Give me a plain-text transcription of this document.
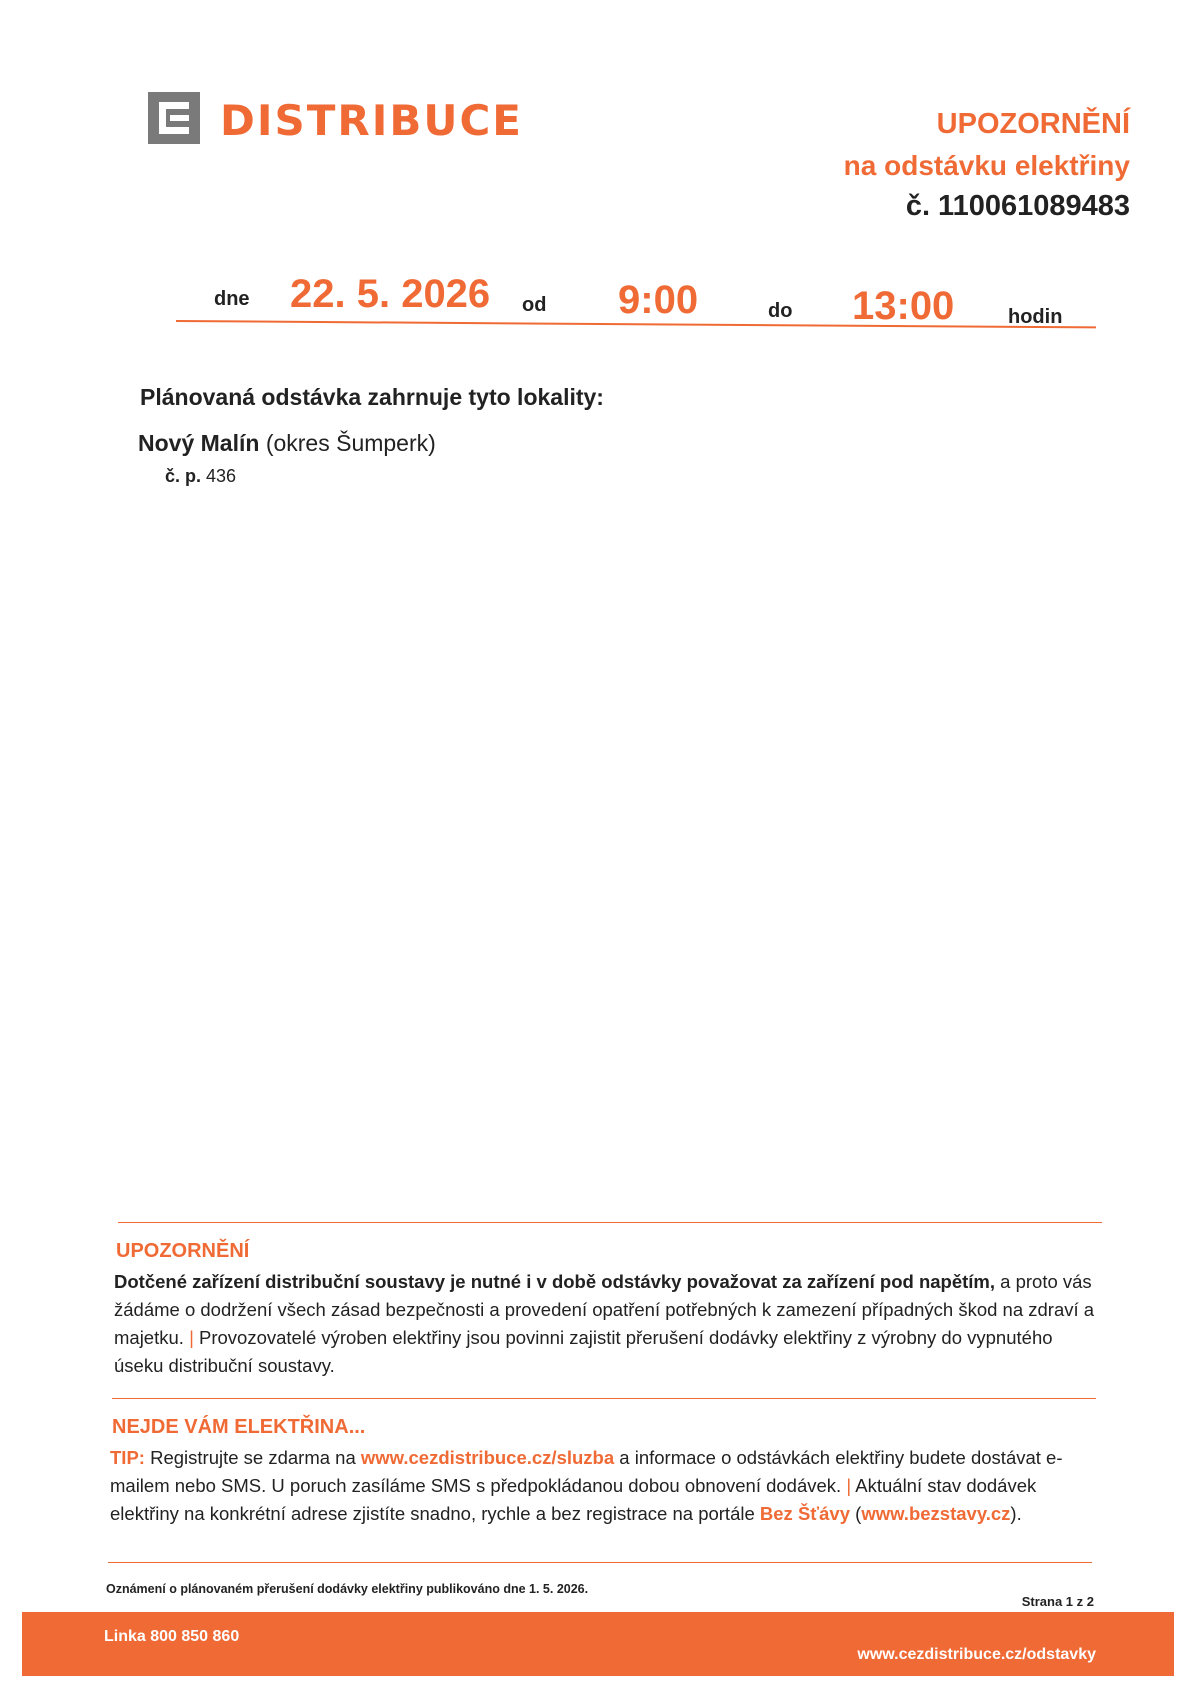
DISTRIBUCE	UPOZORNĚNÍ
na odstávku elektřiny
č. 110061089483
dne 22. 5. 2026 od 9:00	do 13:00	hodin
Plánovaná odstávka zahrnuje tyto lokality:
Nový Malín (okres Šumperk)
č. p. 436
UPOZORNĚNÍ
Dotčené zařízení distribuční soustavy je nutné i v době odstávky považovat za zařízení pod napětím, a proto vás žádáme o dodržení všech zásad bezpečnosti a provedení opatření potřebných k zamezení případných škod na zdraví a majetku. | Provozovatelé výroben elektřiny jsou povinni zajistit přerušení dodávky elektřiny z výrobny do vypnutého úseku distribuční soustavy.
NEJDE VÁM ELEKTŘINA...
TIP: Registrujte se zdarma na www.cezdistribuce.cz/sluzba a informace o odstávkách elektřiny budete dostávat e-mailem nebo SMS. U poruch zasíláme SMS s předpokládanou dobou obnovení dodávek. | Aktuální stav dodávek elektřiny na konkrétní adrese zjistíte snadno, rychle a bez registrace na portále Bez Šťávy (www.bezstavy.cz).
Oznámení o plánovaném přerušení dodávky elektřiny publikováno dne 1. 5. 2026.
Strana 1 z 2
Linka 800 850 860
www.cezdistribuce.cz/odstavky
